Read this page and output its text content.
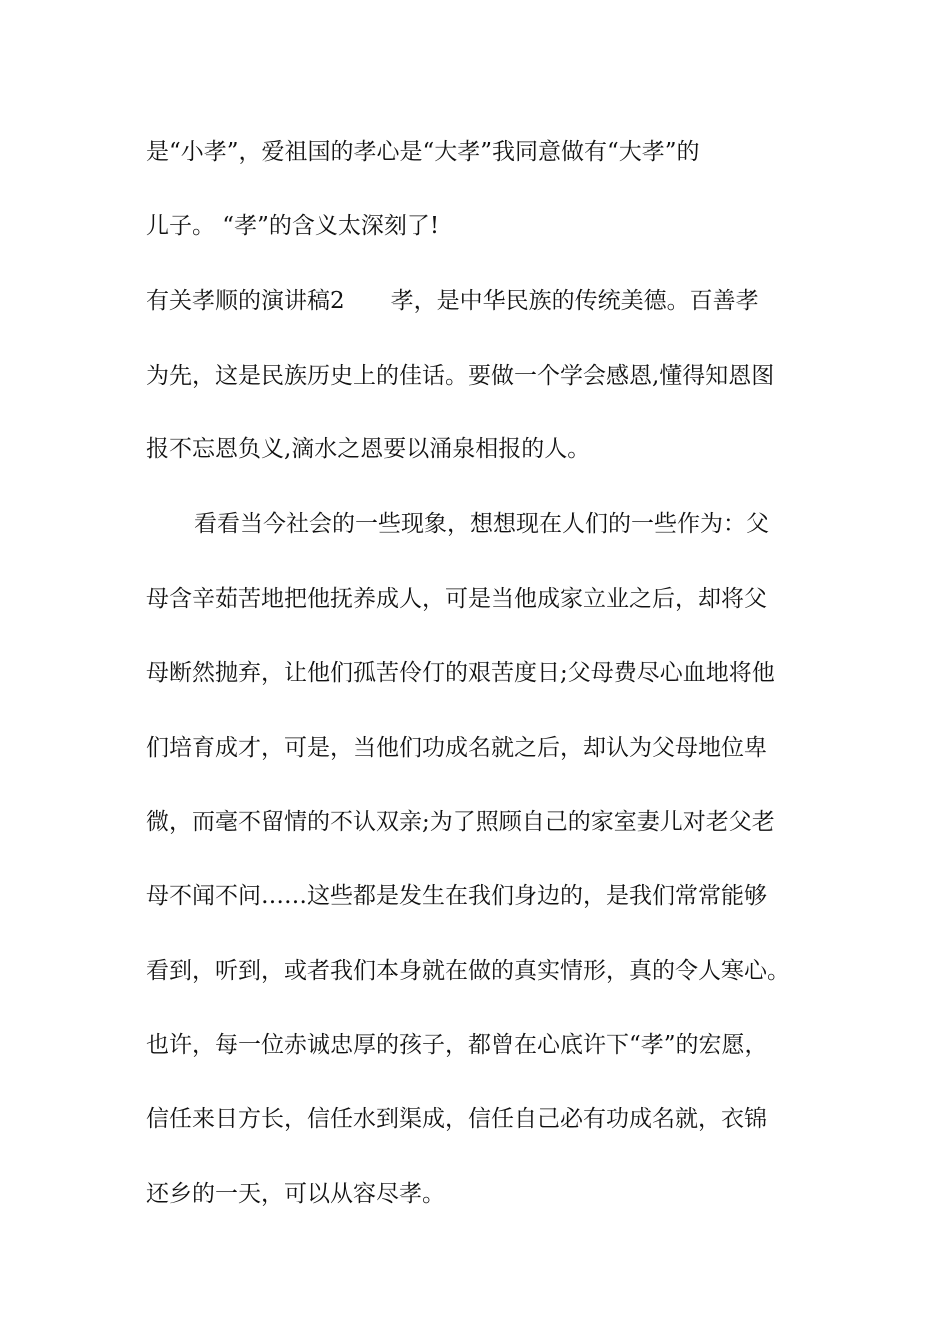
是“小孝”，爱祖国的孝心是“大孝”我同意做有“大孝”的
儿子。 “孝”的含义太深刻了!
有关孝顺的演讲稿2　　孝，是中华民族的传统美德。百善孝
为先，这是民族历史上的佳话。要做一个学会感恩,懂得知恩图
报不忘恩负义,滴水之恩要以涌泉相报的人。
看看当今社会的一些现象，想想现在人们的一些作为：父
母含辛茹苦地把他抚养成人，可是当他成家立业之后，却将父
母断然抛弃，让他们孤苦伶仃的艰苦度日;父母费尽心血地将他
们培育成才，可是，当他们功成名就之后，却认为父母地位卑
微，而毫不留情的不认双亲;为了照顾自己的家室妻儿对老父老
母不闻不问……这些都是发生在我们身边的，是我们常常能够
看到，听到，或者我们本身就在做的真实情形，真的令人寒心。
也许，每一位赤诚忠厚的孩子，都曾在心底许下“孝”的宏愿，
信任来日方长，信任水到渠成，信任自己必有功成名就，衣锦
还乡的一天，可以从容尽孝。
